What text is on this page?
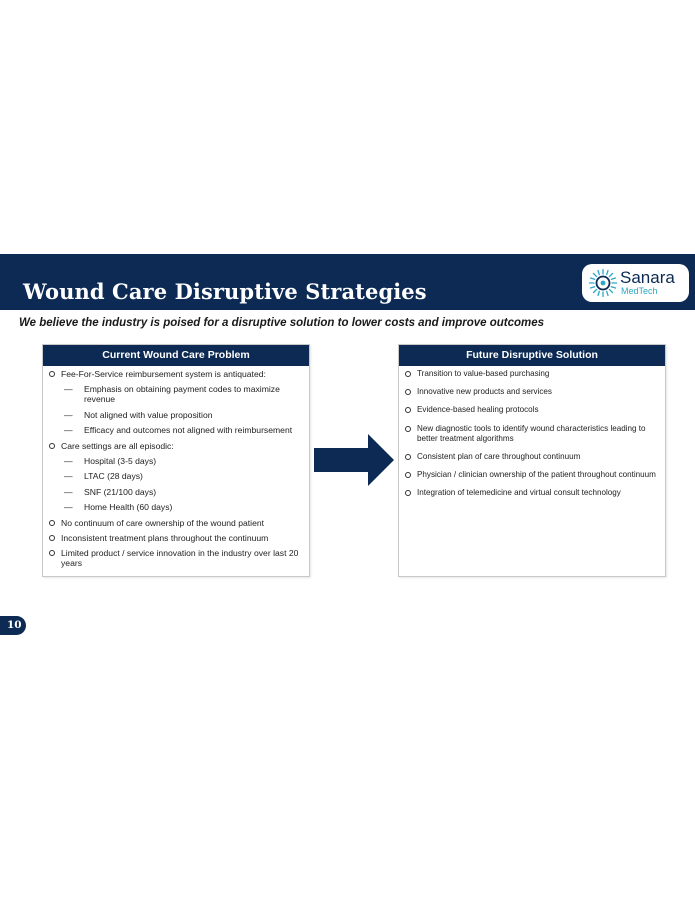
Wound Care Disruptive Strategies
Sanara
MedTech
We believe the industry is poised for a disruptive solution to lower costs and improve outcomes
Current Wound Care Problem
Fee-For-Service reimbursement system is antiquated:
— Emphasis on obtaining payment codes to maximize revenue
— Not aligned with value proposition
— Efficacy and outcomes not aligned with reimbursement
Care settings are all episodic:
— Hospital (3-5 days)
— LTAC (28 days)
— SNF (21/100 days)
— Home Health (60 days)
No continuum of care ownership of the wound patient
Inconsistent treatment plans throughout the continuum
Limited product / service innovation in the industry over last 20 years
Future Disruptive Solution
Transition to value-based purchasing
Innovative new products and services
Evidence-based healing protocols
New diagnostic tools to identify wound characteristics leading to better treatment algorithms
Consistent plan of care throughout continuum
Physician / clinician ownership of the patient throughout continuum
Integration of telemedicine and virtual consult technology
10
